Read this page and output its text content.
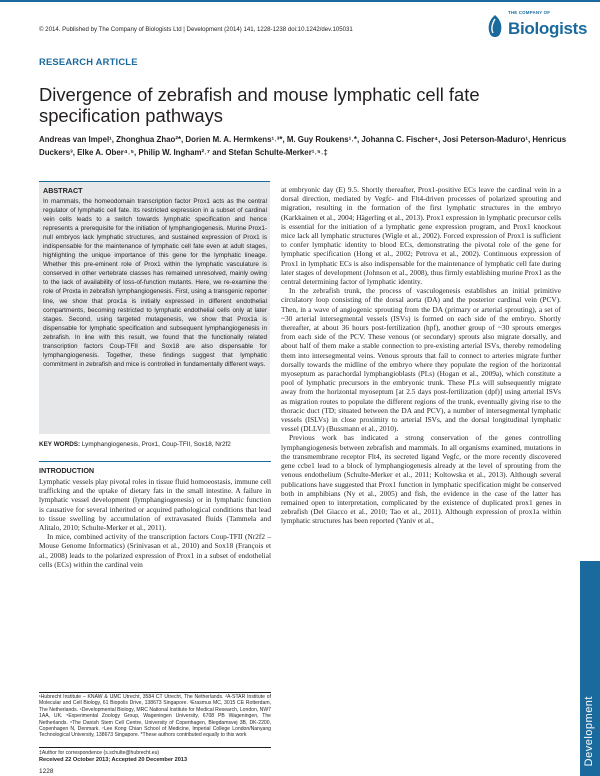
© 2014. Published by The Company of Biologists Ltd | Development (2014) 141, 1228-1238 doi:10.1242/dev.105031
THE COMPANY OF
Biologists
RESEARCH ARTICLE
Divergence of zebrafish and mouse lymphatic cell fate specification pathways
Andreas van Impel¹, Zhonghua Zhao²*, Dorien M. A. Hermkens¹˒³*, M. Guy Roukens¹˒*, Johanna C. Fischer⁴, Josi Peterson-Maduro¹, Henricus Duckers³, Elke A. Ober⁴˒⁵, Philip W. Ingham²˒⁷ and Stefan Schulte-Merker¹˒⁵˒‡
ABSTRACT
In mammals, the homeodomain transcription factor Prox1 acts as the central regulator of lymphatic cell fate. Its restricted expression in a subset of cardinal vein cells leads to a switch towards lymphatic specification and hence represents a prerequisite for the initiation of lymphangiogenesis. Murine Prox1-null embryos lack lymphatic structures, and sustained expression of Prox1 is indispensable for the maintenance of lymphatic cell fate even at adult stages, highlighting the unique importance of this gene for the lymphatic lineage. Whether this pre-eminent role of Prox1 within the lymphatic vasculature is conserved in other vertebrate classes has remained unresolved, mainly owing to the lack of availability of loss-of-function mutants. Here, we re-examine the role of Proxta in zebrafish lymphangiogenesis. First, using a transgenic reporter line, we show that prox1a is initially expressed in different endothelial compartments, becoming restricted to lymphatic endothelial cells only at later stages. Second, using targeted mutagenesis, we show that Prox1a is dispensable for lymphatic specification and subsequent lymphangiogenesis in zebrafish. In line with this result, we found that the functionally related transcription factors Coup-TFII and Sox18 are also dispensable for lymphangiogenesis. Together, these findings suggest that lymphatic commitment in zebrafish and mice is controlled in fundamentally different ways.
KEY WORDS: Lymphangiogenesis, Prox1, Coup-TFII, Sox18, Nr2f2
INTRODUCTION

Lymphatic vessels play pivotal roles in tissue fluid homoeostasis, immune cell trafficking and the uptake of dietary fats in the small intestine. A failure in lymphatic vessel development (lymphangiogenesis) or in lymphatic function is causative for several inherited or acquired pathological conditions that lead to tissue swelling by accumulation of extravasated fluids (Tammela and Alitalo, 2010; Schulte-Merker et al., 2011).

In mice, combined activity of the transcription factors Coup-TFII (Nr2f2 – Mouse Genome Informatics) (Srinivasan et al., 2010) and Sox18 (François et al., 2008) leads to the polarized expression of Prox1 in a subset of endothelial cells (ECs) within the cardinal vein

¹Hubrecht Institute – KNAW & UMC Utrecht, 3584 CT Utrecht, The Netherlands. ²A-STAR Institute of Molecular and Cell Biology, 61 Biopolis Drive, 138673 Singapore. ³Erasmus MC, 3015 CE Rotterdam, The Netherlands. ⁴Developmental Biology, MRC National Institute for Medical Research, London, NW7 1AA, UK. ⁵Experimental Zoology Group, Wageningen University, 6708 PB Wageningen, The Netherlands. ⁶The Danish Stem Cell Centre, University of Copenhagen, Blegdamsvej 3B, DK-2200, Copenhagen N, Denmark. ⁷Lee Kong Chian School of Medicine, Imperial College London/Nanyang Technological University, 138673 Singapore. *These authors contributed equally to this work
‡Author for correspondence (s.schulte@hubrecht.eu)
Received 22 October 2013; Accepted 20 December 2013
1228

at embryonic day (E) 9.5. Shortly thereafter, Prox1-positive ECs leave the cardinal vein in a dorsal direction, mediated by Vegfc- and Flt4-driven processes of polarized sprouting and migration, resulting in the formation of the first lymphatic structures in the embryo (Karkkainen et al., 2004; Hägerling et al., 2013). Prox1 expression in lymphatic precursor cells is essential for the initiation of a lymphatic gene expression program, and Prox1 knockout mice lack all lymphatic structures (Wigle et al., 2002). Forced expression of Prox1 is sufficient to confer lymphatic identity to blood ECs, demonstrating the pivotal role of the gene for lymphatic specification (Hong et al., 2002; Petrova et al., 2002). Continuous expression of Prox1 in lymphatic ECs is also indispensable for the maintenance of lymphatic cell fate during later stages of development (Johnson et al., 2008), thus firmly establishing murine Prox1 as the central determining factor of lymphatic identity.

In the zebrafish trunk, the process of vasculogenesis establishes an initial primitive circulatory loop consisting of the dorsal aorta (DA) and the posterior cardinal vein (PCV). Then, in a wave of angiogenic sprouting from the DA (primary or arterial sprouting), a set of ~30 arterial intersegmental vessels (ISVs) is formed on each side of the embryo. Shortly thereafter, at about 36 hours post-fertilization (hpf), another group of ~30 sprouts emerges from each side of the PCV. These venous (or secondary) sprouts also migrate dorsally, and about half of them make a stable connection to pre-existing arterial ISVs, thereby remodeling them into intersegmental veins. Venous sprouts that fail to connect to arteries migrate further dorsally towards the midline of the embryo where they populate the region of the horizontal myoseptum as parachordal lymphangioblasts (PLs) (Hogan et al., 2009a), which constitute a pool of lymphatic precursors in the embryonic trunk. These PLs will subsequently migrate away from the horizontal myoseptum [at 2.5 days post-fertilization (dpf)] using arterial ISVs as migration routes to populate the different regions of the trunk, eventually giving rise to the thoracic duct (TD; situated between the DA and PCV), a number of intersegmental lymphatic vessels (ISLVs) in close proximity to arterial ISVs, and the dorsal longitudinal lymphatic vessel (DLLV) (Bussmann et al., 2010).

Previous work has indicated a strong conservation of the genes controlling lymphangiogenesis between zebrafish and mammals. In all organisms examined, mutations in the transmembrane receptor Flt4, its secreted ligand Vegfc, or the more recently discovered gene ccbe1 lead to a block of lymphangiogenesis already at the level of sprouting from the venous endothelium (Schulte-Merker et al., 2011; Koltowska et al., 2013). Although several publications have suggested that Prox1 function in lymphatic specification might be conserved both in amphibians (Ny et al., 2005) and fish, the evidence in the case of the latter has remained open to interpretation, complicated by the existence of duplicated prox1 genes in zebrafish (Del Giacco et al., 2010; Tao et al., 2011). Although expression of prox1a within lymphatic structures has been reported (Yaniv et al.,

Development
